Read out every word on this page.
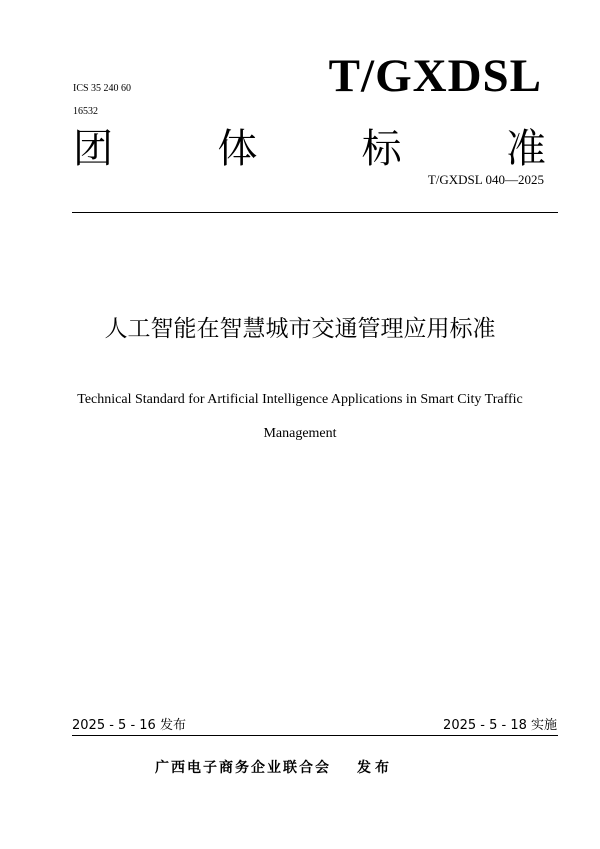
ICS 35 240 60
16532
T/GXDSL
团	体	标	准
T/GXDSL 040—2025
人工智能在智慧城市交通管理应用标准
Technical Standard for Artificial Intelligence Applications in Smart City Traffic
Management
2025 - 5 - 16 发布	2025 - 5 - 18 实施
广西电子商务企业联合会 发布
